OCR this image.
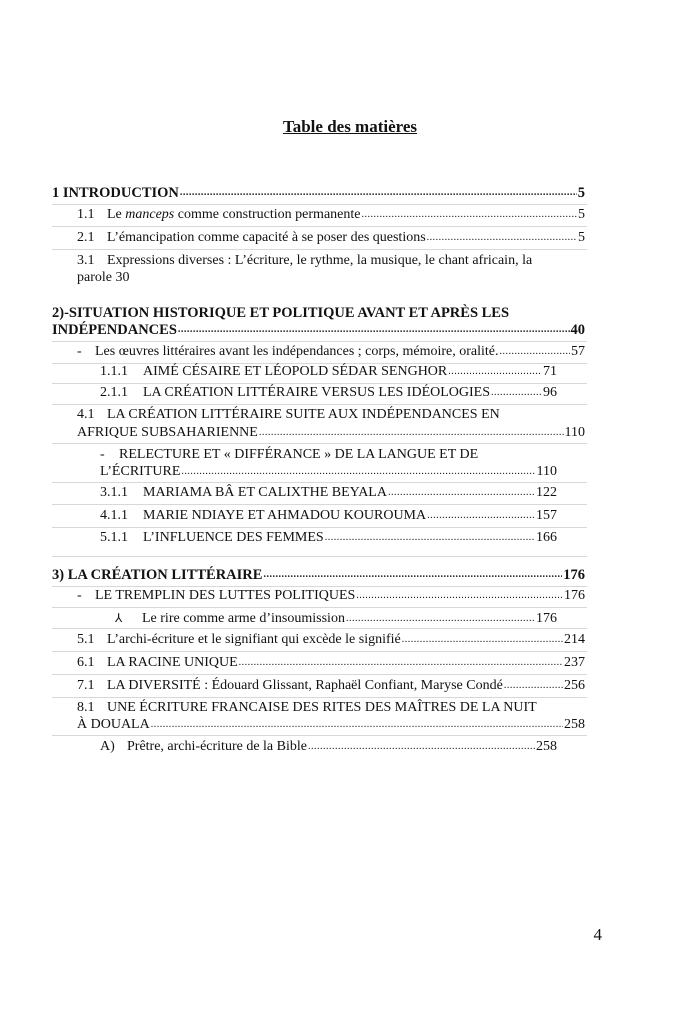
Table des matières
1 INTRODUCTION .....	5
1.1 Le manceps comme construction permanente .....	5
2.1 L’émancipation comme capacité à se poser des questions .....	5
3.1 Expressions diverses : L’écriture, le rythme, la musique, le chant africain, la
parole 30
2)-SITUATION HISTORIQUE ET POLITIQUE AVANT ET APRÈS LES
INDÉPENDANCES .....	40
- Les œuvres littéraires avant les indépendances ; corps, mémoire, oralité. .....	57
1.1.1 AIMÉ CÉSAIRE ET LÉOPOLD SÉDAR SENGHOR .....	71
2.1.1 LA CRÉATION LITTÉRAIRE VERSUS LES IDÉOLOGIES .....	96
4.1 LA CRÉATION LITTÉRAIRE SUITE AUX INDÉPENDANCES EN
AFRIQUE SUBSAHARIENNE .....	110
- RELECTURE ET « DIFFÉRANCE » DE LA LANGUE ET DE
L’ÉCRITURE .....	110
3.1.1 MARIAMA BÂ ET CALIXTHE BEYALA .....	122
4.1.1 MARIE NDIAYE ET AHMADOU KOUROUMA .....	157
5.1.1 L’INFLUENCE DES FEMMES .....	166
3) LA CRÉATION LITTÉRAIRE .....	176
- LE TREMPLIN DES LUTTES POLITIQUES .....	176
⅄ Le rire comme arme d’insoumission .....	176
5.1 L’archi-écriture et le signifiant qui excède le signifié .....	214
6.1 LA RACINE UNIQUE .....	237
7.1 LA DIVERSITÉ : Édouard Glissant, Raphaël Confiant, Maryse Condé .....	256
8.1 UNE ÉCRITURE FRANCAISE DES RITES DES MAÎTRES DE LA NUIT
À DOUALA .....	258
A) Prêtre, archi-écriture de la Bible .....	258
4
